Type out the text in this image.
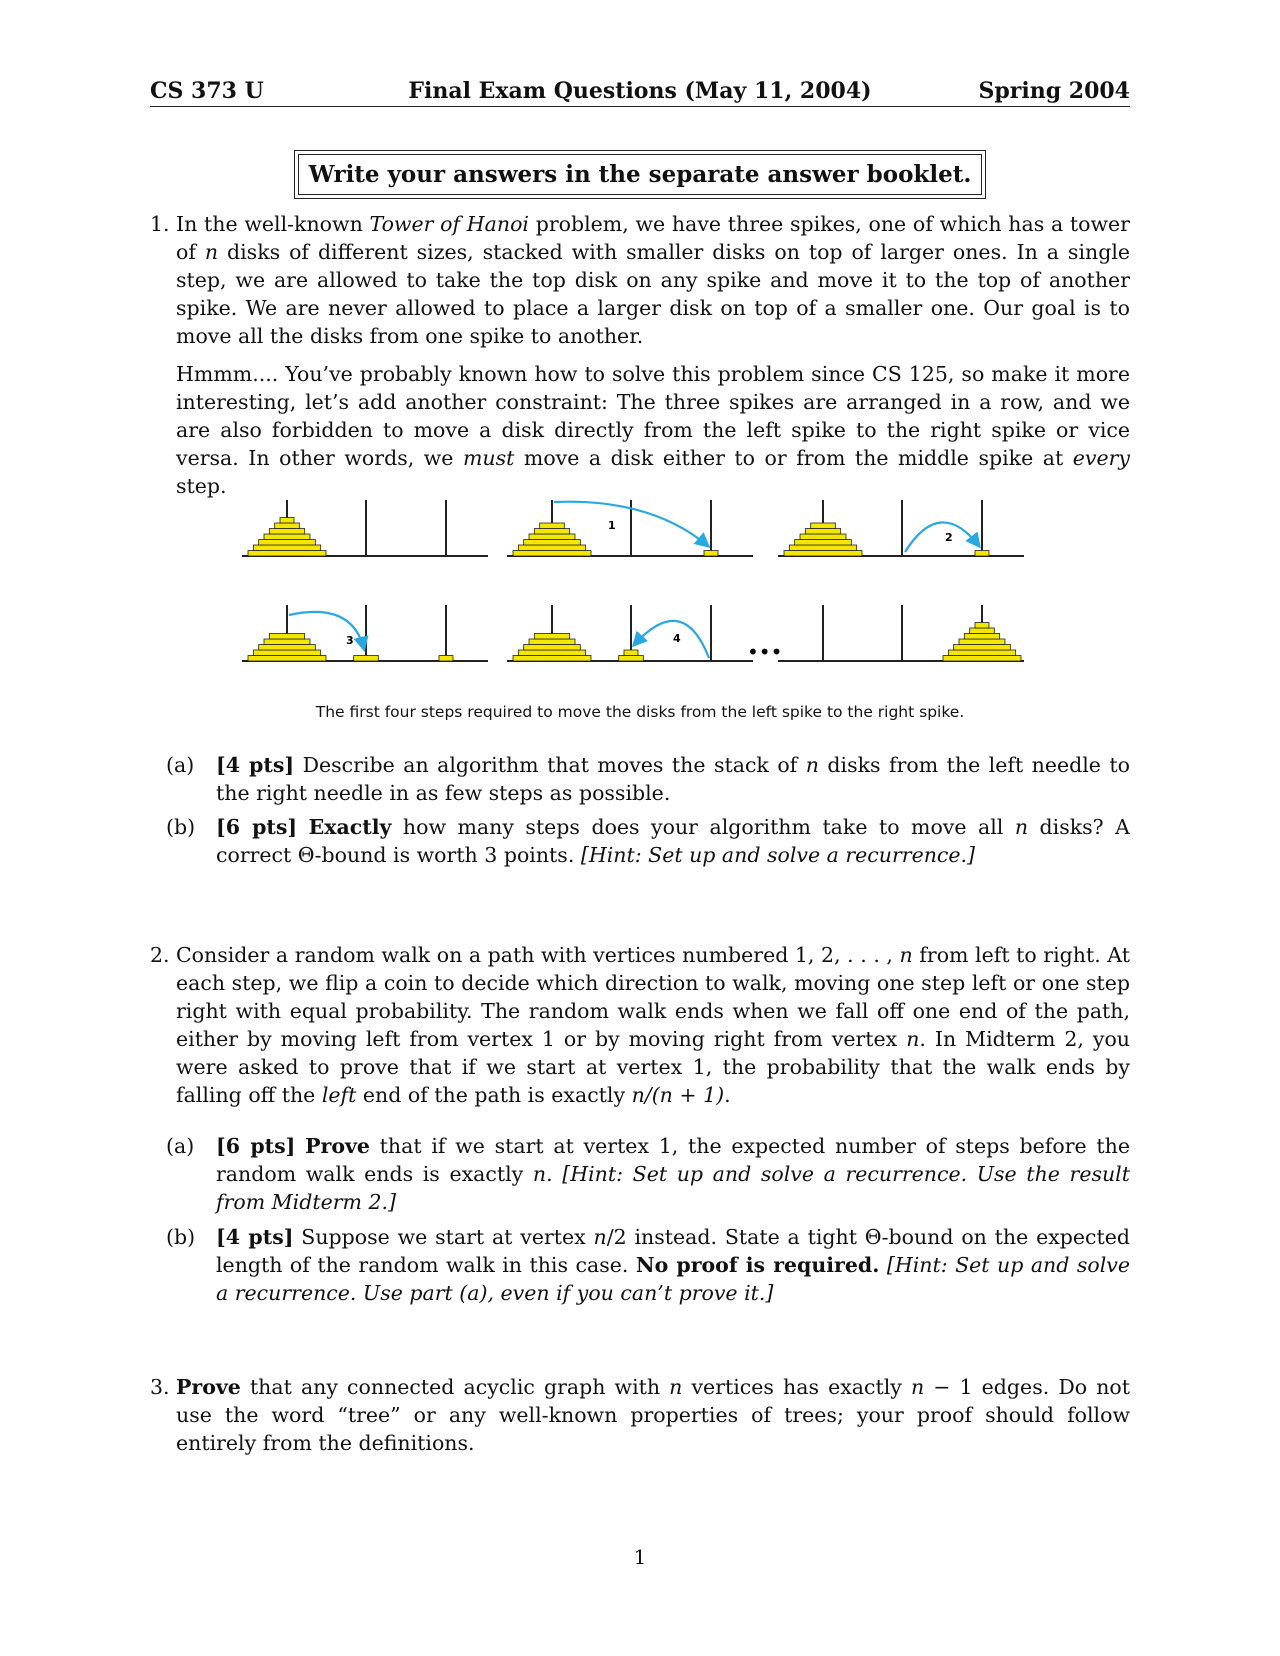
CS 373 U	Final Exam Questions (May 11, 2004)	Spring 2004
Write your answers in the separate answer booklet.
1. In the well-known Tower of Hanoi problem, we have three spikes, one of which has a tower of n disks of different sizes, stacked with smaller disks on top of larger ones. In a single step, we are allowed to take the top disk on any spike and move it to the top of another spike. We are never allowed to place a larger disk on top of a smaller one. Our goal is to move all the disks from one spike to another.

Hmmm.... You’ve probably known how to solve this problem since CS 125, so make it more interesting, let’s add another constraint: The three spikes are arranged in a row, and we are also forbidden to move a disk directly from the left spike to the right spike or vice versa. In other words, we must move a disk either to or from the middle spike at every step.

1
2
3	4
•••
The first four steps required to move the disks from the left spike to the right spike.
(a) [4 pts] Describe an algorithm that moves the stack of n disks from the left needle to the right needle in as few steps as possible.
(b) [6 pts] Exactly how many steps does your algorithm take to move all n disks? A correct Θ-bound is worth 3 points. [Hint: Set up and solve a recurrence.]
2. Consider a random walk on a path with vertices numbered 1, 2, . . . , n from left to right. At each step, we flip a coin to decide which direction to walk, moving one step left or one step right with equal probability. The random walk ends when we fall off one end of the path, either by moving left from vertex 1 or by moving right from vertex n. In Midterm 2, you were asked to prove that if we start at vertex 1, the probability that the walk ends by falling off the left end of the path is exactly n/(n + 1).

(a) [6 pts] Prove that if we start at vertex 1, the expected number of steps before the random walk ends is exactly n. [Hint: Set up and solve a recurrence. Use the result from Midterm 2.]
(b) [4 pts] Suppose we start at vertex n/2 instead. State a tight Θ-bound on the expected length of the random walk in this case. No proof is required. [Hint: Set up and solve a recurrence. Use part (a), even if you can’t prove it.]
3. Prove that any connected acyclic graph with n vertices has exactly n − 1 edges. Do not use the word “tree” or any well-known properties of trees; your proof should follow entirely from the definitions.

1
